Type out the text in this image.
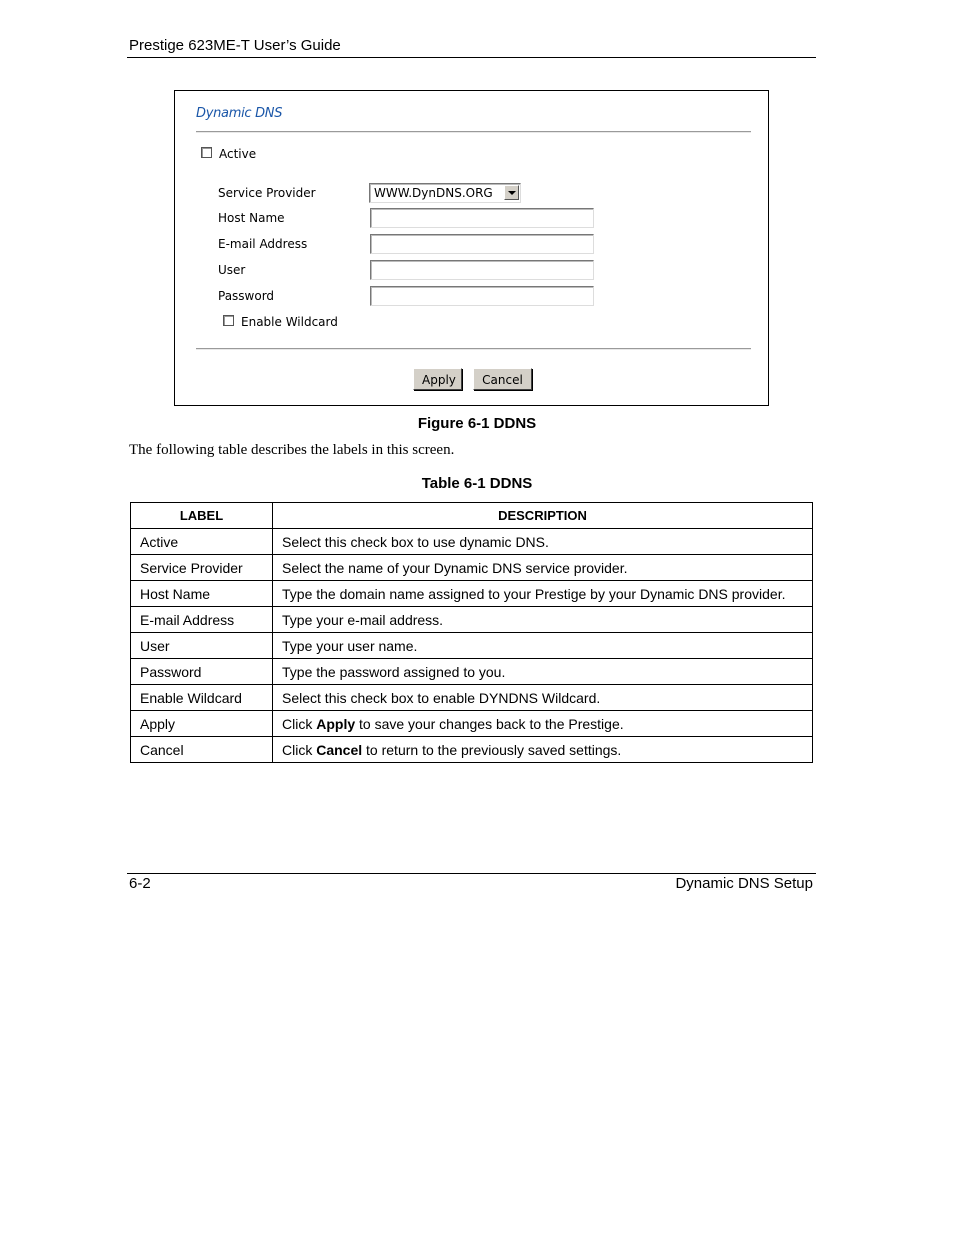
Prestige 623ME-T User’s Guide
Dynamic DNS
Active
Service Provider	WWW.DynDNS.ORG
Host Name
E-mail Address
User
Password
Enable Wildcard
Apply	Cancel
Figure 6-1 DDNS
The following table describes the labels in this screen.
Table 6-1 DDNS
LABEL	DESCRIPTION
Active	Select this check box to use dynamic DNS.
Service Provider	Select the name of your Dynamic DNS service provider.
Host Name	Type the domain name assigned to your Prestige by your Dynamic DNS provider.
E-mail Address	Type your e-mail address.
User	Type your user name.
Password	Type the password assigned to you.
Enable Wildcard	Select this check box to enable DYNDNS Wildcard.
Apply	Click Apply to save your changes back to the Prestige.
Cancel	Click Cancel to return to the previously saved settings.
6-2	Dynamic DNS Setup
